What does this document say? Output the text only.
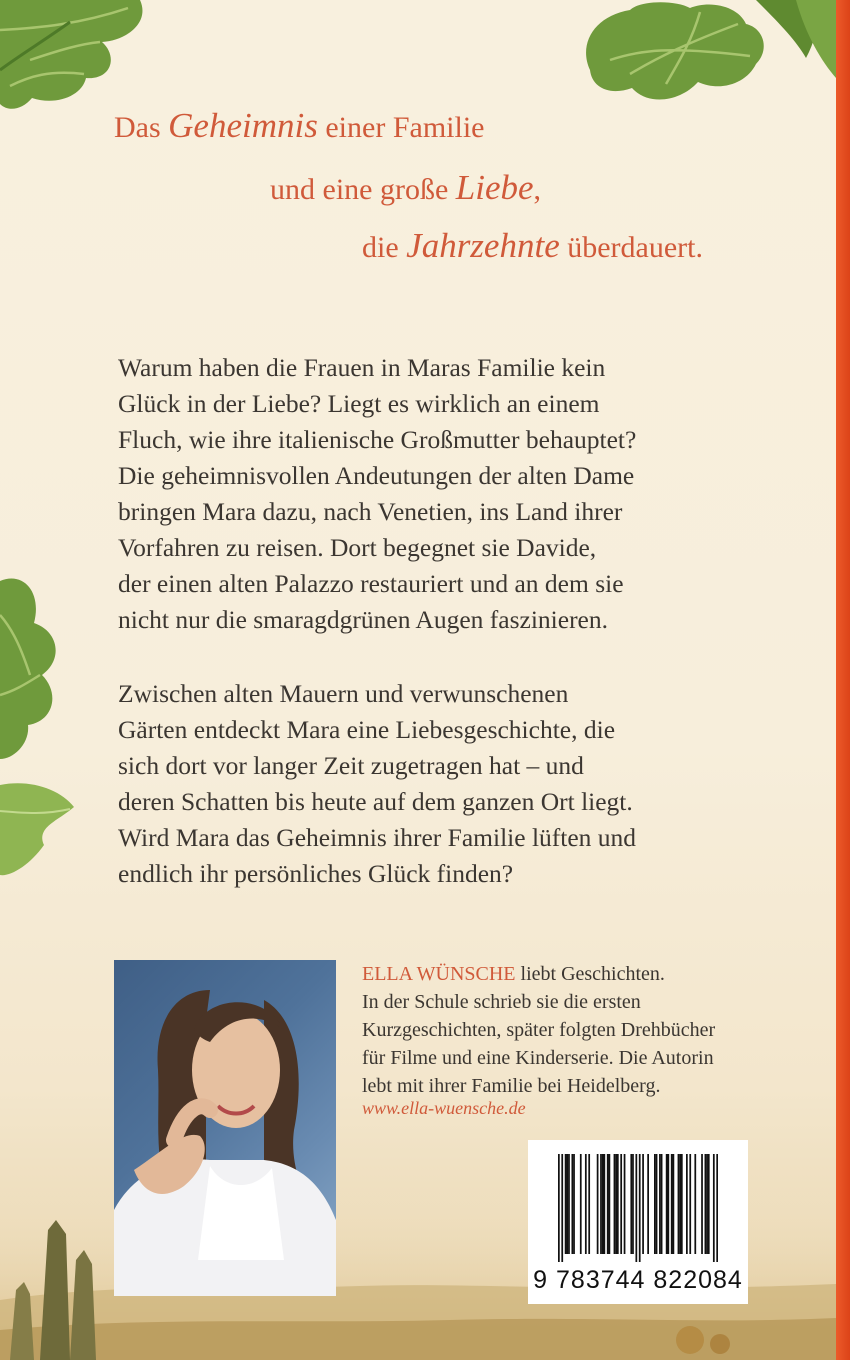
Das Geheimnis einer Familie
und eine große Liebe,
die Jahrzehnte überdauert.

Warum haben die Frauen in Maras Familie kein
Glück in der Liebe? Liegt es wirklich an einem
Fluch, wie ihre italienische Großmutter behauptet?
Die geheimnisvollen Andeutungen der alten Dame
bringen Mara dazu, nach Venetien, ins Land ihrer
Vorfahren zu reisen. Dort begegnet sie Davide,
der einen alten Palazzo restauriert und an dem sie
nicht nur die smaragdgrünen Augen faszinieren.

Zwischen alten Mauern und verwunschenen
Gärten entdeckt Mara eine Liebesgeschichte, die
sich dort vor langer Zeit zugetragen hat – und
deren Schatten bis heute auf dem ganzen Ort liegt.
Wird Mara das Geheimnis ihrer Familie lüften und
endlich ihr persönliches Glück finden?

ELLA WÜNSCHE liebt Geschichten.
In der Schule schrieb sie die ersten
Kurzgeschichten, später folgten Drehbücher
für Filme und eine Kinderserie. Die Autorin
lebt mit ihrer Familie bei Heidelberg.

www.ella-wuensche.de
9 783744 822084
